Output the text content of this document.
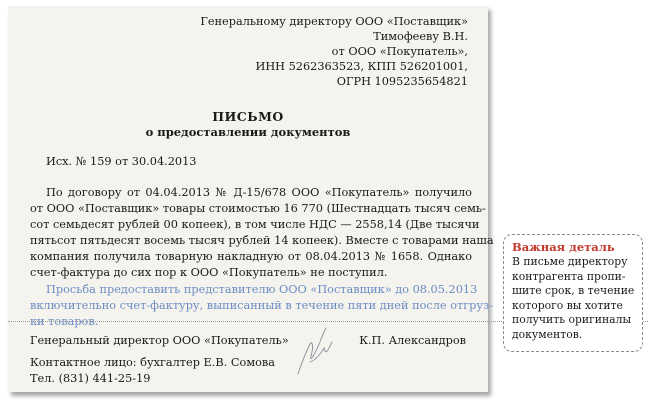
Генеральному директору ООО «Поставщик»

Тимофееву В.Н.

от ООО «Покупатель»,

ИНН 5262363523, КПП 526201001,

ОГРН 1095235654821

ПИСЬМО

о предоставлении документов

Исх. № 159 от 30.04.2013

По договору от 04.04.2013 № Д-15/678 ООО «Покупатель» получило

от ООО «Поставщик» товары стоимостью 16 770 (Шестнадцать тысяч семь-

сот семьдесят рублей 00 копеек), в том числе НДС — 2558,14 (Две тысячи

пятьсот пятьдесят восемь тысяч рублей 14 копеек). Вместе с товарами наша

компания получила товарную накладную от 08.04.2013 № 1658. Однако

счет-фактура до сих пор к ООО «Покупатель» не поступил.

Просьба предоставить представителю ООО «Поставщик» до 08.05.2013

включительно счет-фактуру, выписанный в течение пяти дней после отгруз-

ки товаров.

Генеральный директор ООО «Покупатель»	К.П. Александров

Контактное лицо: бухгалтер Е.В. Сомова

Тел. (831) 441-25-19

Важная деталь

В письме директору

контрагента пропи-

шите срок, в течение

которого вы хотите

получить оригиналы

документов.
